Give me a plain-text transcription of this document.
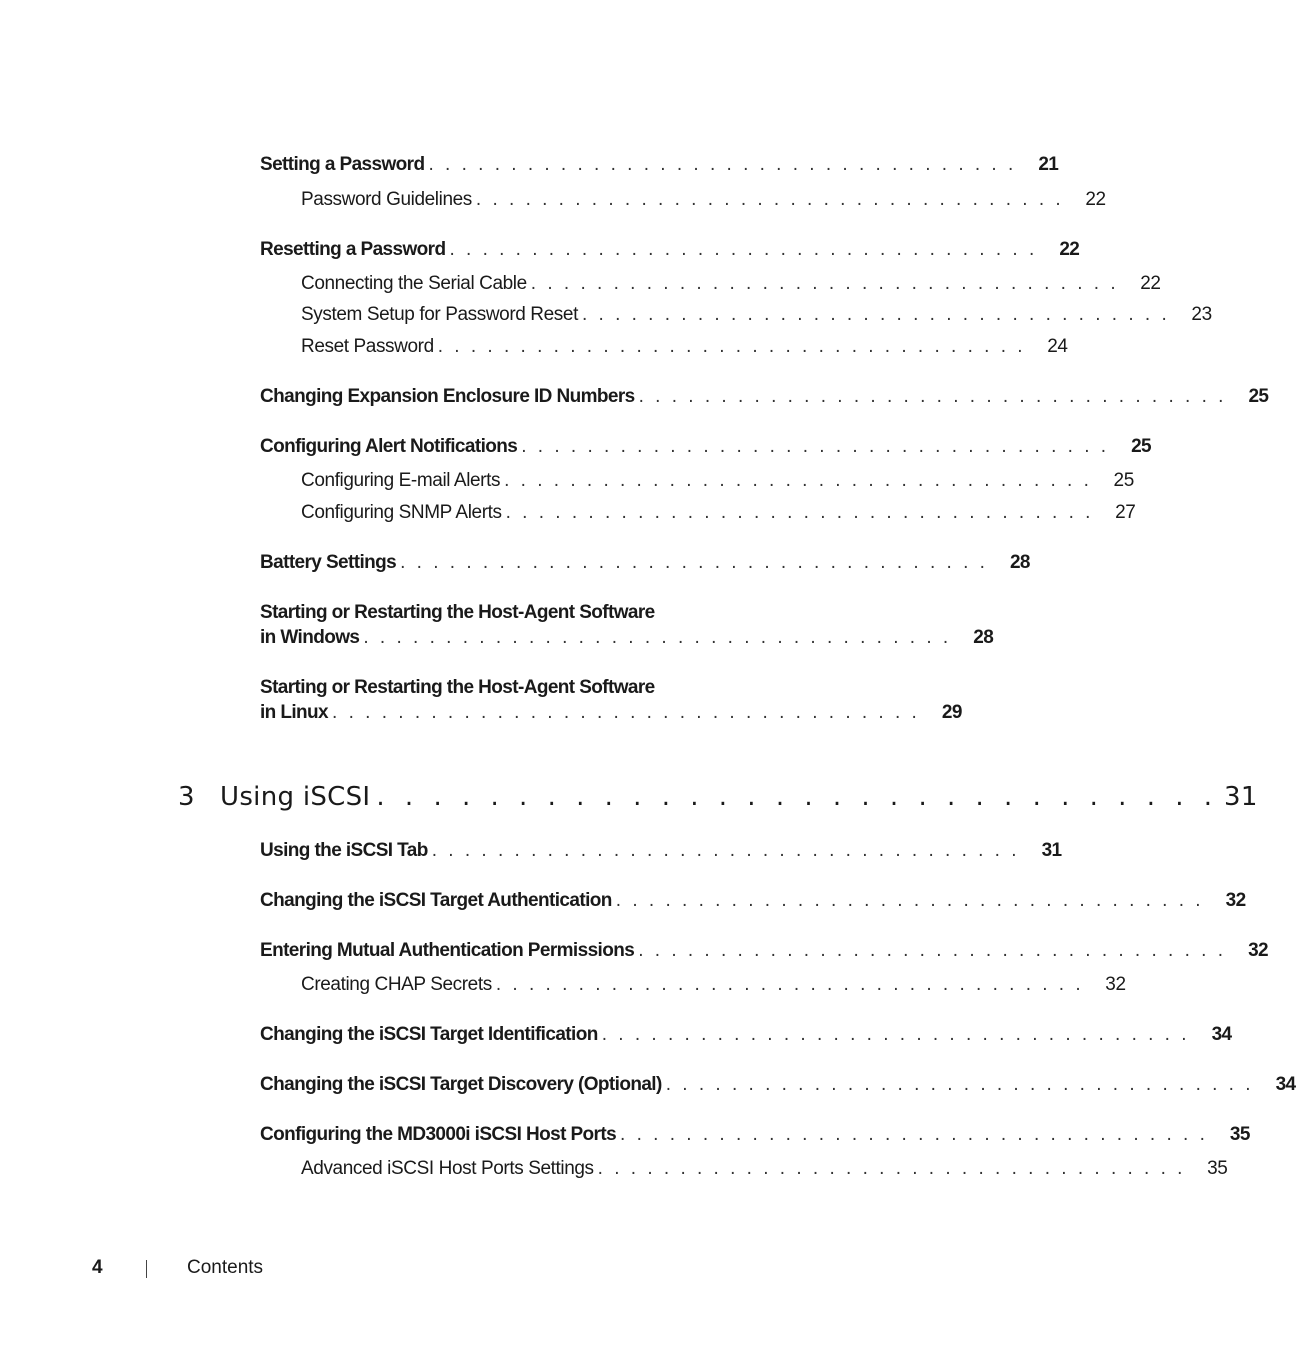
Setting a Password . . . . . . . . . . . . . . . . . . . . . . . . . . . . . . . . . . . .	21
Password Guidelines . . . . . . . . . . . . . . . . . . . . . . . . . . . . . . . . . . . .	22
Resetting a Password . . . . . . . . . . . . . . . . . . . . . . . . . . . . . . . . . . . .	22
Connecting the Serial Cable . . . . . . . . . . . . . . . . . . . . . . . . . . . . . . . . . . . .	22
System Setup for Password Reset . . . . . . . . . . . . . . . . . . . . . . . . . . . . . . . . . . . .	23
Reset Password . . . . . . . . . . . . . . . . . . . . . . . . . . . . . . . . . . . .	24
Changing Expansion Enclosure ID Numbers . . . . . . . . . . . . . . . . . . . . . . . . . . . . . . . . . . . .	25
Configuring Alert Notifications . . . . . . . . . . . . . . . . . . . . . . . . . . . . . . . . . . . .	25
Configuring E-mail Alerts . . . . . . . . . . . . . . . . . . . . . . . . . . . . . . . . . . . .	25
Configuring SNMP Alerts . . . . . . . . . . . . . . . . . . . . . . . . . . . . . . . . . . . .	27
Battery Settings . . . . . . . . . . . . . . . . . . . . . . . . . . . . . . . . . . . .	28
Starting or Restarting the Host-Agent Software
in Windows . . . . . . . . . . . . . . . . . . . . . . . . . . . . . . . . . . . .	28
Starting or Restarting the Host-Agent Software
in Linux . . . . . . . . . . . . . . . . . . . . . . . . . . . . . . . . . . . .	29
3 Using iSCSI . . . . . . . . . . . . . . . . . . . . . . . . . . . . . . 31
Using the iSCSI Tab . . . . . . . . . . . . . . . . . . . . . . . . . . . . . . . . . . . .	31
Changing the iSCSI Target Authentication . . . . . . . . . . . . . . . . . . . . . . . . . . . . . . . . . . . .	32
Entering Mutual Authentication Permissions . . . . . . . . . . . . . . . . . . . . . . . . . . . . . . . . . . . .	32
Creating CHAP Secrets . . . . . . . . . . . . . . . . . . . . . . . . . . . . . . . . . . . .	32
Changing the iSCSI Target Identification . . . . . . . . . . . . . . . . . . . . . . . . . . . . . . . . . . . .	34
Changing the iSCSI Target Discovery (Optional) . . . . . . . . . . . . . . . . . . . . . . . . . . . . . . . . . . . .	34
Configuring the MD3000i iSCSI Host Ports . . . . . . . . . . . . . . . . . . . . . . . . . . . . . . . . . . . .	35
Advanced iSCSI Host Ports Settings . . . . . . . . . . . . . . . . . . . . . . . . . . . . . . . . . . . .	35
4	Contents
